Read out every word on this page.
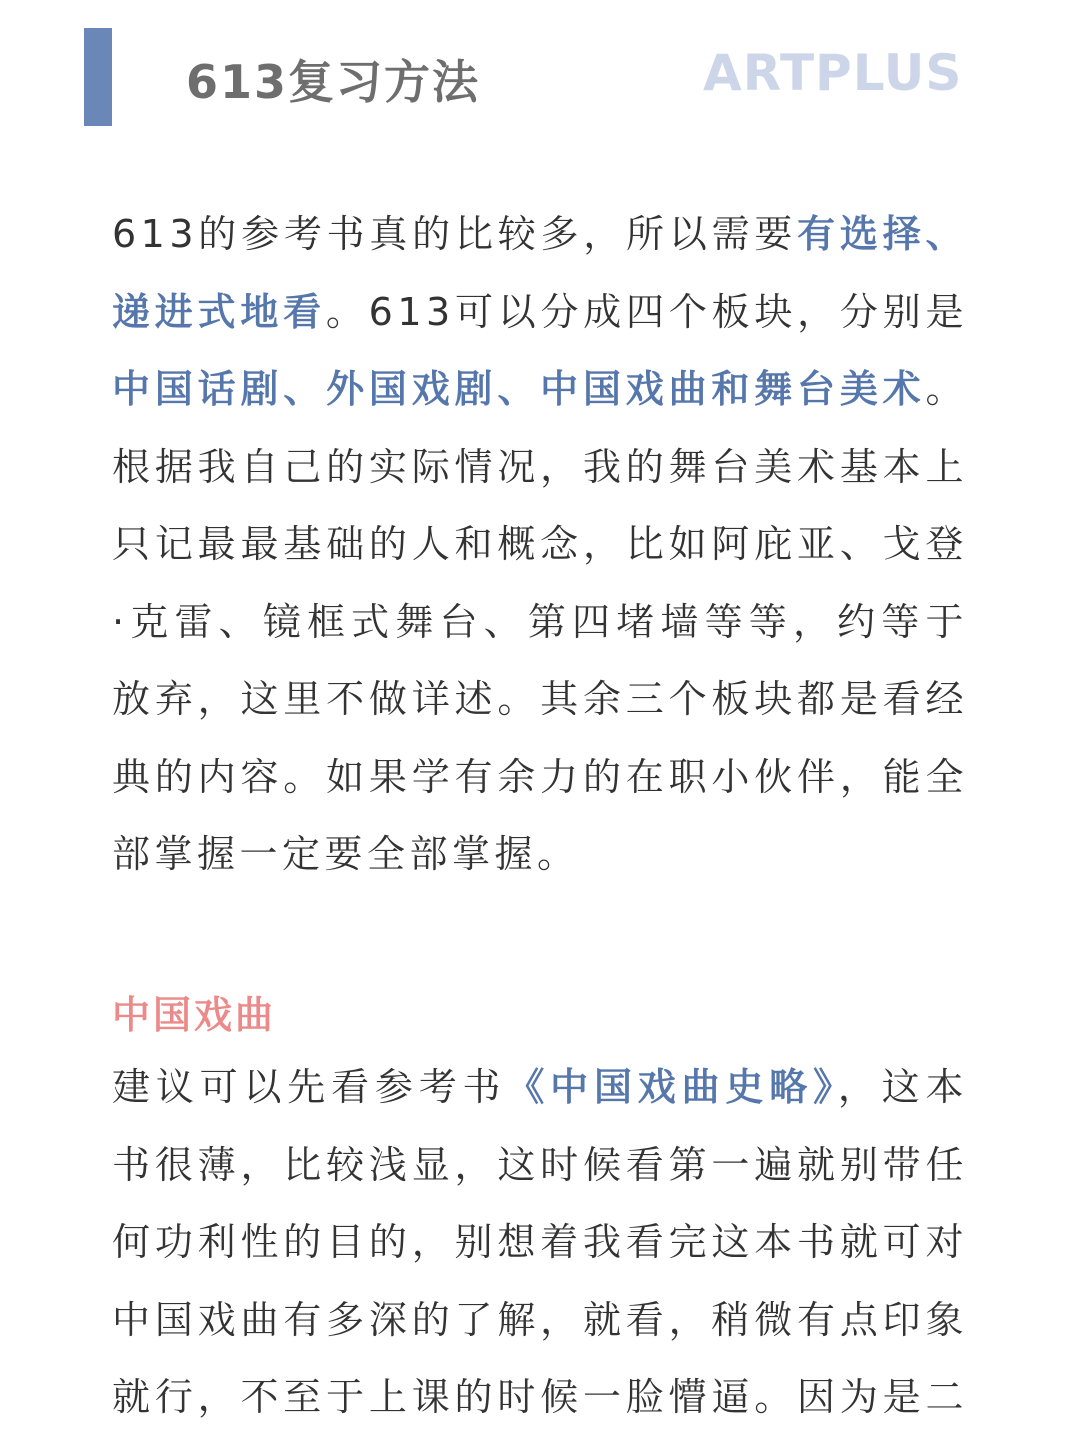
613复习方法	ARTPLUS
613的参考书真的比较多，所以需要有选择、
递进式地看。613可以分成四个板块，分别是
中国话剧、外国戏剧、中国戏曲和舞台美术。
根据我自己的实际情况，我的舞台美术基本上
只记最最基础的人和概念，比如阿庇亚、戈登
·克雷、镜框式舞台、第四堵墙等等，约等于
放弃，这里不做详述。其余三个板块都是看经
典的内容。如果学有余力的在职小伙伴，能全
部掌握一定要全部掌握。
中国戏曲
建议可以先看参考书《中国戏曲史略》，这本
书很薄，比较浅显，这时候看第一遍就别带任
何功利性的目的，别想着我看完这本书就可对
中国戏曲有多深的了解，就看，稍微有点印象
就行，不至于上课的时候一脸懵逼。因为是二
